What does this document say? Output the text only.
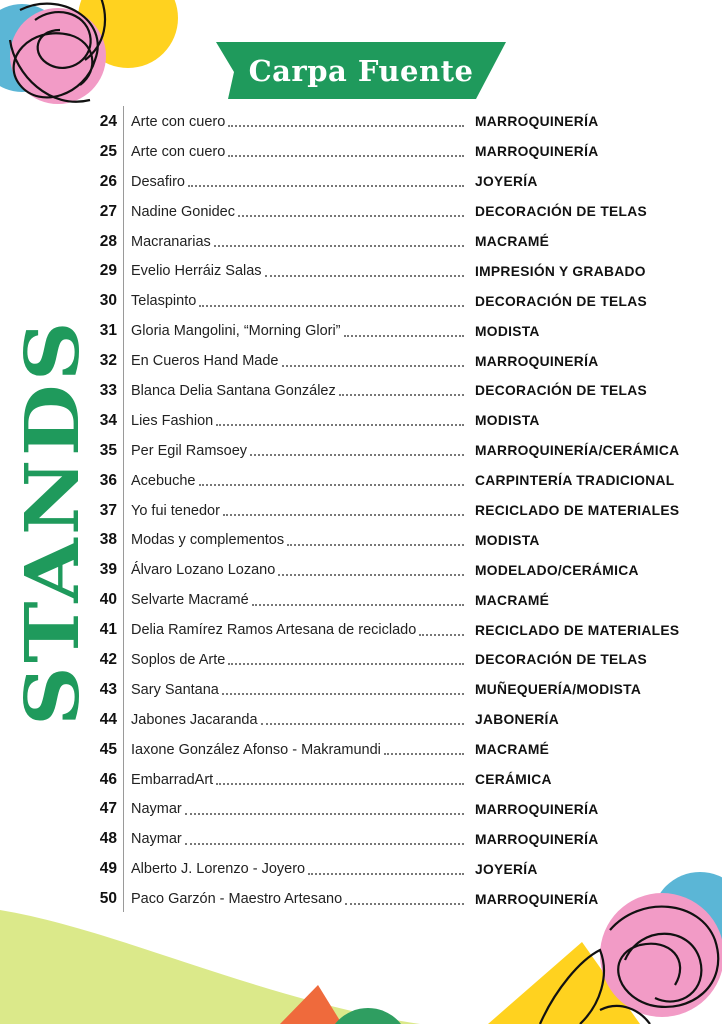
Carpa Fuente
STANDS
24 Arte con cuero	MARROQUINERÍA
25 Arte con cuero	MARROQUINERÍA
26 Desafiro	JOYERÍA
27 Nadine Gonidec	DECORACIÓN DE TELAS
28 Macranarias	MACRAMÉ
29 Evelio Herráiz Salas	IMPRESIÓN Y GRABADO
30 Telaspinto	DECORACIÓN DE TELAS
31 Gloria Mangolini, “Morning Glori”	MODISTA
32 En Cueros Hand Made	MARROQUINERÍA
33 Blanca Delia Santana González	DECORACIÓN DE TELAS
34 Lies Fashion	MODISTA
35 Per Egil Ramsoey	MARROQUINERÍA/CERÁMICA
36 Acebuche	CARPINTERÍA TRADICIONAL
37 Yo fui tenedor	RECICLADO DE MATERIALES
38 Modas y complementos	MODISTA
39 Álvaro Lozano Lozano	MODELADO/CERÁMICA
40 Selvarte Macramé	MACRAMÉ
41 Delia Ramírez Ramos Artesana de reciclado	RECICLADO DE MATERIALES
42 Soplos de Arte	DECORACIÓN DE TELAS
43 Sary Santana	MUÑEQUERÍA/MODISTA
44 Jabones Jacaranda	JABONERÍA
45 Iaxone González Afonso - Makramundi	MACRAMÉ
46 EmbarradArt	CERÁMICA
47 Naymar	MARROQUINERÍA
48 Naymar	MARROQUINERÍA
49 Alberto J. Lorenzo - Joyero	JOYERÍA
50 Paco Garzón - Maestro Artesano	MARROQUINERÍA
